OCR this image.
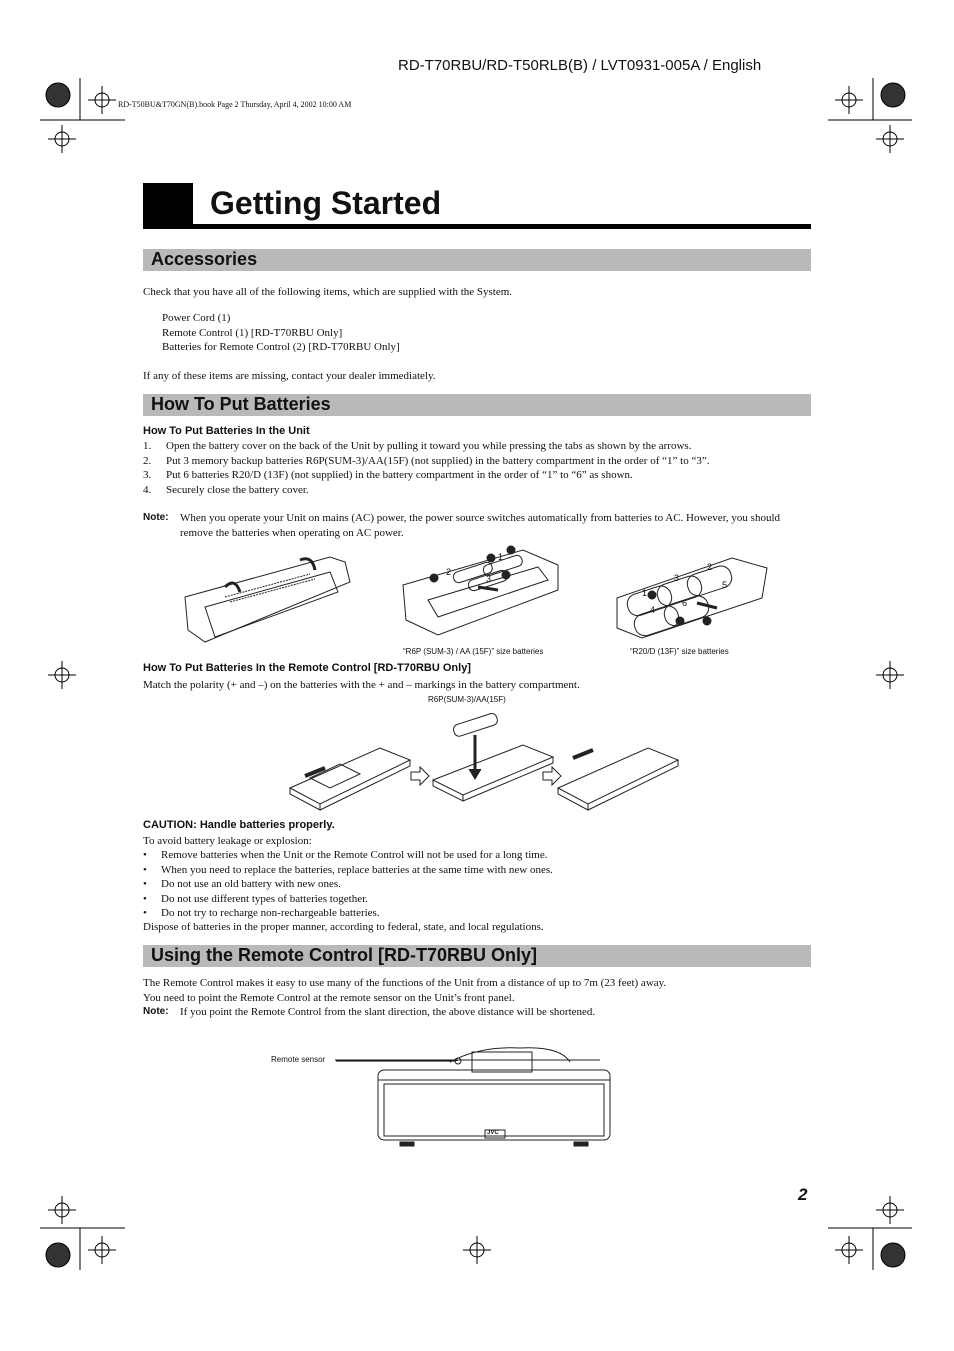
RD-T70RBU/RD-T50RLB(B) / LVT0931-005A / English
RD-T50BU&T70GN(B).book Page 2 Thursday, April 4, 2002 10:00 AM
Getting Started
Accessories
Check that you have all of the following items, which are supplied with the System.
Power Cord (1)
Remote Control (1) [RD-T70RBU Only]
Batteries for Remote Control (2) [RD-T70RBU Only]
If any of these items are missing, contact your dealer immediately.
How To Put Batteries
How To Put Batteries In the Unit
1. Open the battery cover on the back of the Unit by pulling it toward you while pressing the tabs as shown by the arrows.
2. Put 3 memory backup batteries R6P(SUM-3)/AA(15F) (not supplied) in the battery compartment in the order of “1” to “3”.
3. Put 6 batteries R20/D (13F) (not supplied) in the battery compartment in the order of “1” to “6” as shown.
4. Securely close the battery cover.
Note: When you operate your Unit on mains (AC) power, the power source switches automatically from batteries to AC. However, you should remove the batteries when operating on AC power.
2
1
3
2
3
5
1
6
4
“R6P (SUM-3) / AA (15F)” size batteries	“R20/D (13F)” size batteries
How To Put Batteries In the Remote Control [RD-T70RBU Only]
Match the polarity (+ and –) on the batteries with the + and – markings in the battery compartment.
R6P(SUM-3)/AA(15F)
CAUTION: Handle batteries properly.
To avoid battery leakage or explosion:
• Remove batteries when the Unit or the Remote Control will not be used for a long time.
• When you need to replace the batteries, replace batteries at the same time with new ones.
• Do not use an old battery with new ones.
• Do not use different types of batteries together.
• Do not try to recharge non-rechargeable batteries.
Dispose of batteries in the proper manner, according to federal, state, and local regulations.
Using the Remote Control [RD-T70RBU Only]
The Remote Control makes it easy to use many of the functions of the Unit from a distance of up to 7m (23 feet) away.
You need to point the Remote Control at the remote sensor on the Unit’s front panel.
Note: If you point the Remote Control from the slant direction, the above distance will be shortened.
Remote sensor
JVC
2
